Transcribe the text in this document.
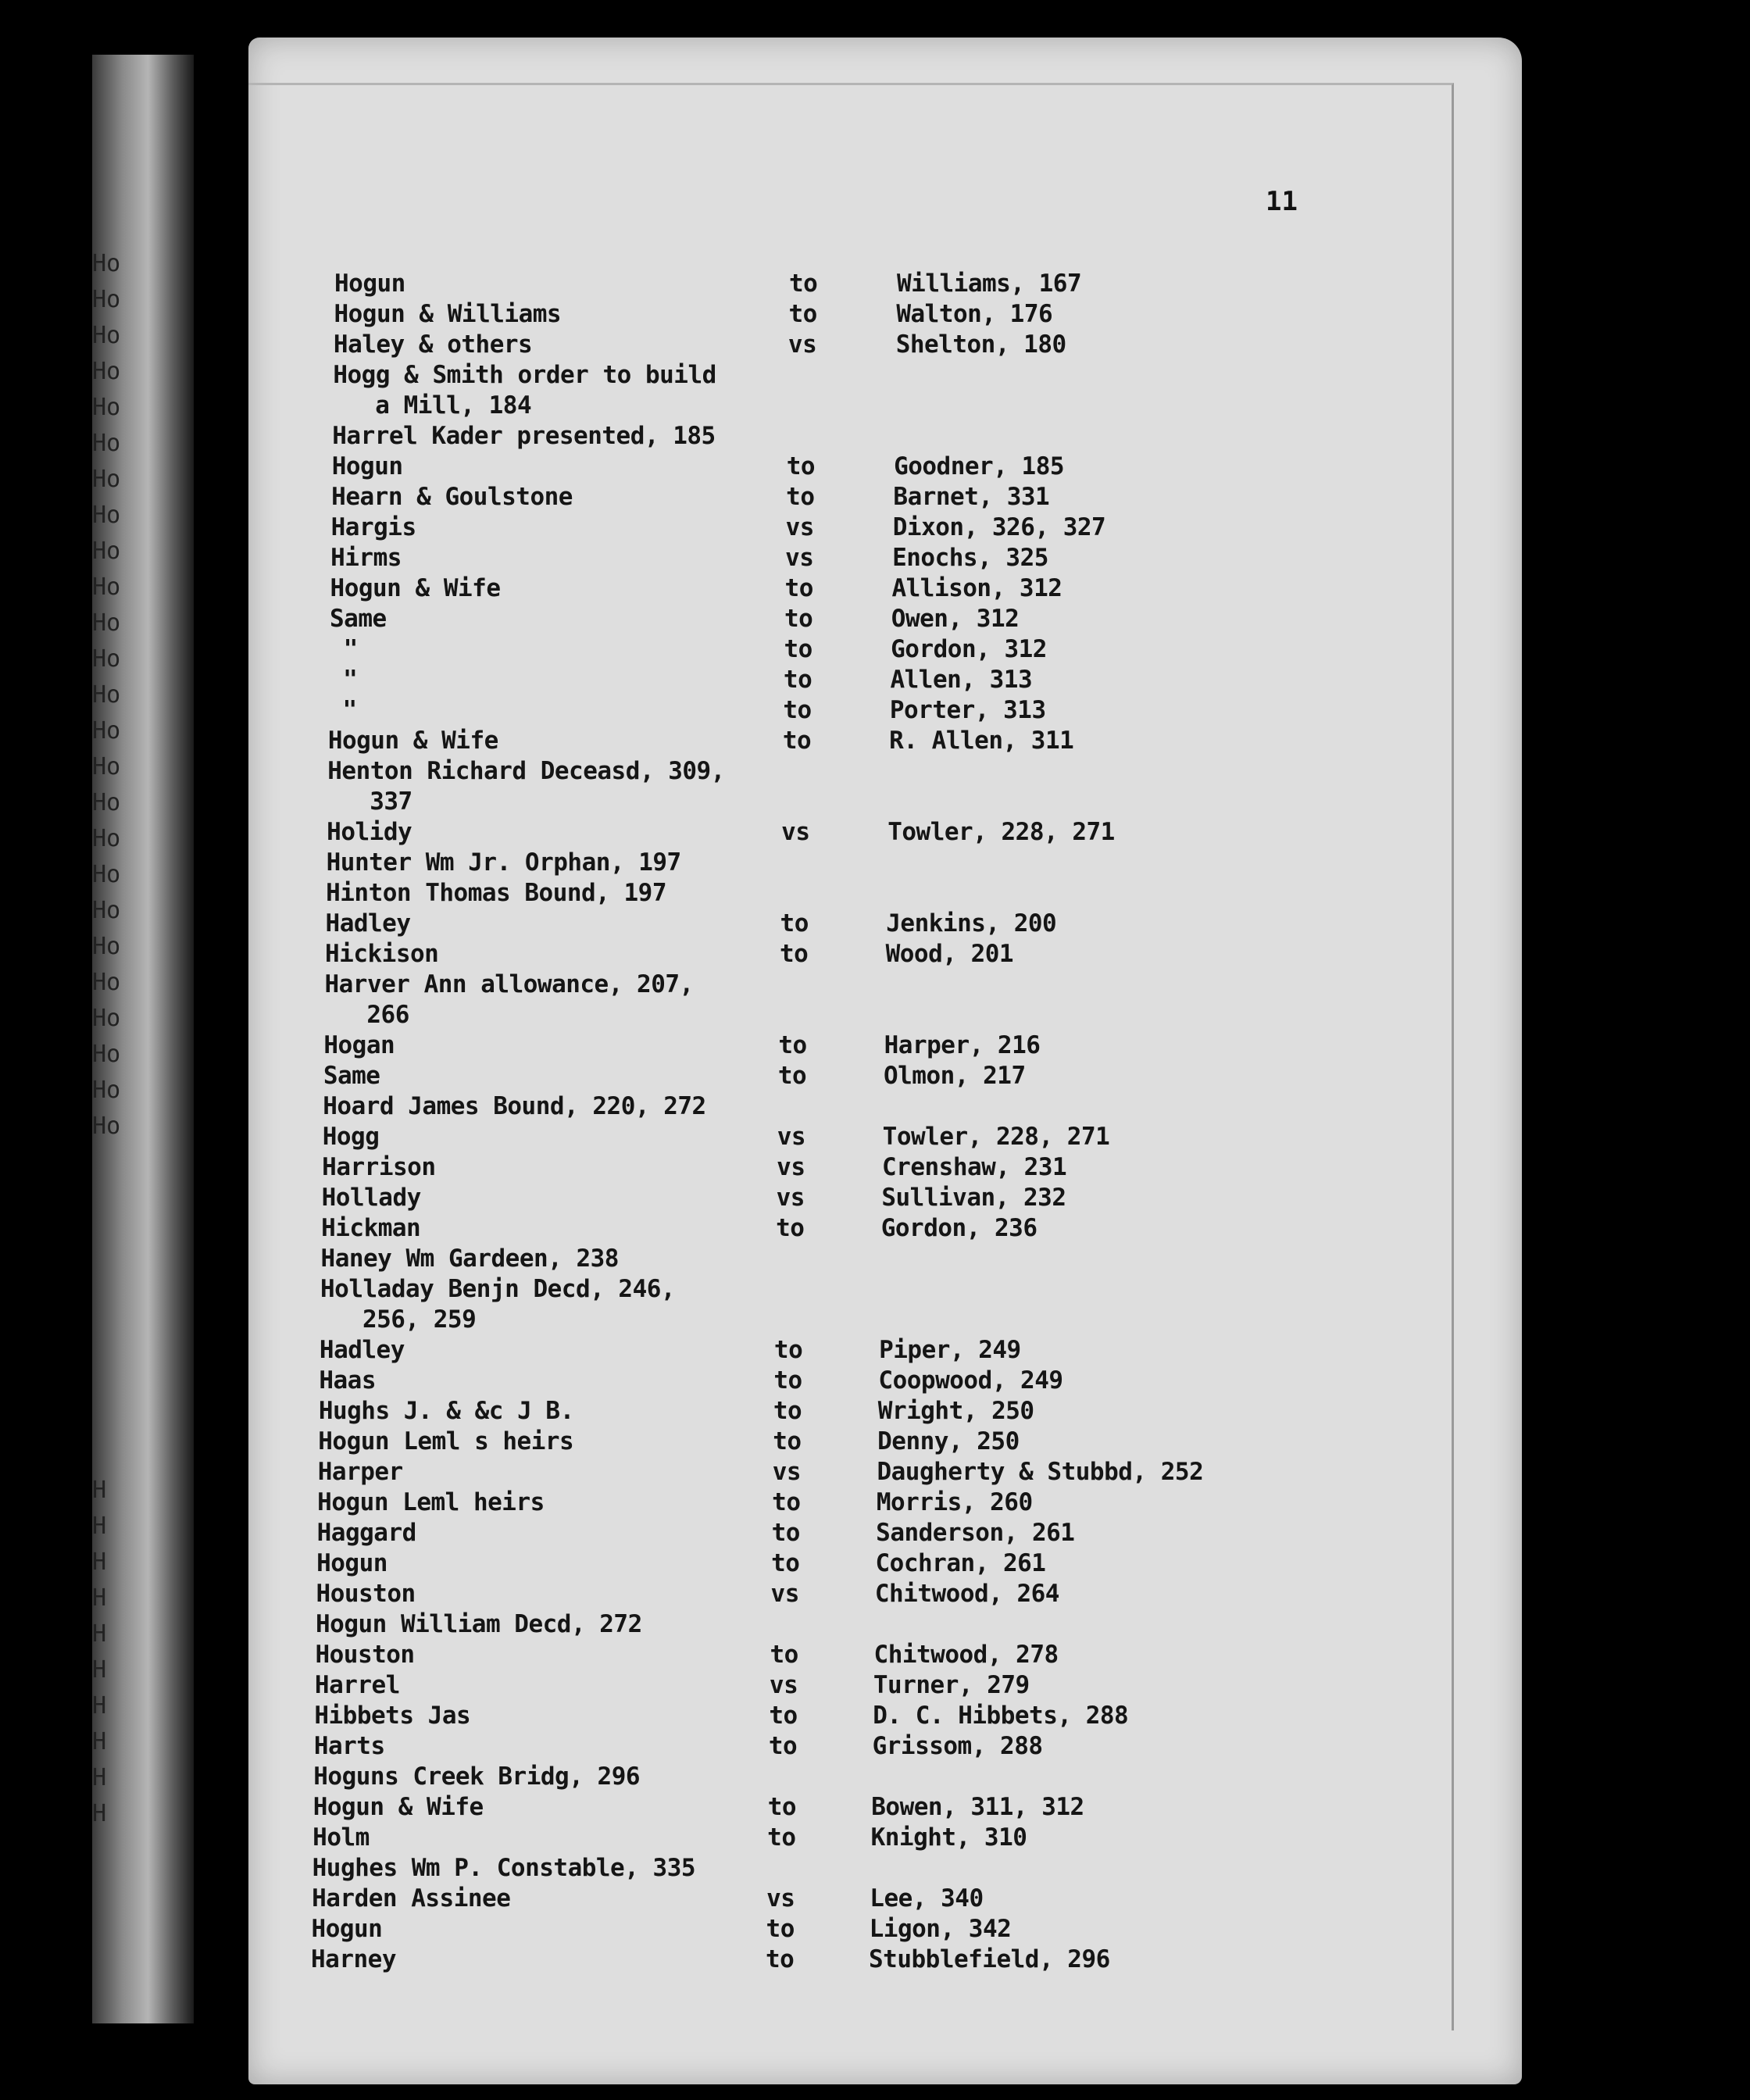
oH
oH
oH
oH
oH
oH
oH
oH
oH
oH
oH
oH
oH
oH
oH
oH
oH
oH
oH
oH
oH
oH
oH
oH
oH
H
H
H
H
H
H
H
H
H
H
11
Hogun	to	Williams, 167
Hogun & Williams	to	Walton, 176
Haley & others	vs	Shelton, 180
Hogg & Smith order to build
a Mill, 184
Harrel Kader presented, 185
Hogun	to	Goodner, 185
Hearn & Goulstone	to	Barnet, 331
Hargis	vs	Dixon, 326, 327
Hirms	vs	Enochs, 325
Hogun & Wife	to	Allison, 312
Same	to	Owen, 312
"	to	Gordon, 312
"	to	Allen, 313
"	to	Porter, 313
Hogun & Wife	to	R. Allen, 311
Henton Richard Deceasd, 309,
337
Holidy	vs	Towler, 228, 271
Hunter Wm Jr. Orphan, 197
Hinton Thomas Bound, 197
Hadley	to	Jenkins, 200
Hickison	to	Wood, 201
Harver Ann allowance, 207,
266
Hogan	to	Harper, 216
Same	to	Olmon, 217
Hoard James Bound, 220, 272
Hogg	vs	Towler, 228, 271
Harrison	vs	Crenshaw, 231
Hollady	vs	Sullivan, 232
Hickman	to	Gordon, 236
Haney Wm Gardeen, 238
Holladay Benjn Decd, 246,
256, 259
Hadley	to	Piper, 249
Haas	to	Coopwood, 249
Hughs J. & &c J B.	to	Wright, 250
Hogun Leml s heirs	to	Denny, 250
Harper	vs	Daugherty & Stubbd, 252
Hogun Leml heirs	to	Morris, 260
Haggard	to	Sanderson, 261
Hogun	to	Cochran, 261
Houston	vs	Chitwood, 264
Hogun William Decd, 272
Houston	to	Chitwood, 278
Harrel	vs	Turner, 279
Hibbets Jas	to	D. C. Hibbets, 288
Harts	to	Grissom, 288
Hoguns Creek Bridg, 296
Hogun & Wife	to	Bowen, 311, 312
Holm	to	Knight, 310
Hughes Wm P. Constable, 335
Harden Assinee	vs	Lee, 340
Hogun	to	Ligon, 342
Harney	to	Stubblefield, 296
